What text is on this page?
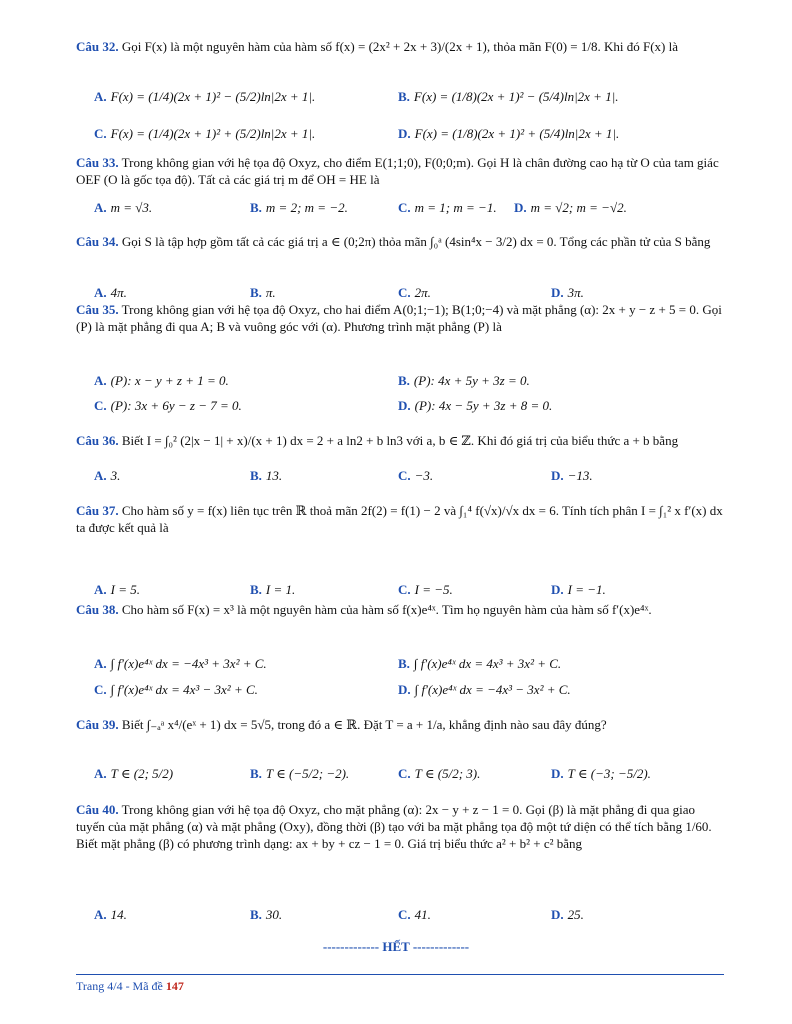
Câu 32. Gọi F(x) là một nguyên hàm của hàm số f(x) = (2x² + 2x + 3)/(2x + 1), thỏa mãn F(0) = 1/8. Khi đó F(x) là
A. F(x) = (1/4)(2x + 1)² − (5/2)ln|2x + 1|.	B. F(x) = (1/8)(2x + 1)² − (5/4)ln|2x + 1|.
C. F(x) = (1/4)(2x + 1)² + (5/2)ln|2x + 1|.	D. F(x) = (1/8)(2x + 1)² + (5/4)ln|2x + 1|.
Câu 33. Trong không gian với hệ tọa độ Oxyz, cho điểm E(1;1;0), F(0;0;m). Gọi H là chân đường cao hạ từ O của tam giác OEF (O là gốc tọa độ). Tất cả các giá trị m để OH = HE là
A. m = √3.	B. m = 2; m = −2.	C. m = 1; m = −1. D. m = √2; m = −√2.
Câu 34. Gọi S là tập hợp gồm tất cả các giá trị a ∈ (0;2π) thỏa mãn ∫₀ᵃ (4sin⁴x − 3/2) dx = 0. Tổng các phần tử của S bằng
A. 4π.	B. π.	C. 2π.	D. 3π.
Câu 35. Trong không gian với hệ tọa độ Oxyz, cho hai điểm A(0;1;−1); B(1;0;−4) và mặt phẳng (α): 2x + y − z + 5 = 0. Gọi (P) là mặt phẳng đi qua A; B và vuông góc với (α). Phương trình mặt phẳng (P) là
A. (P): x − y + z + 1 = 0.	B. (P): 4x + 5y + 3z = 0.
C. (P): 3x + 6y − z − 7 = 0.	D. (P): 4x − 5y + 3z + 8 = 0.
Câu 36. Biết I = ∫₀² (2|x − 1| + x)/(x + 1) dx = 2 + a ln2 + b ln3 với a, b ∈ ℤ. Khi đó giá trị của biểu thức a + b bằng
A. 3.	B. 13.	C. −3.	D. −13.
Câu 37. Cho hàm số y = f(x) liên tục trên ℝ thoả mãn 2f(2) = f(1) − 2 và ∫₁⁴ f(√x)/√x dx = 6. Tính tích phân I = ∫₁² x f′(x) dx ta được kết quả là
A. I = 5.	B. I = 1.	C. I = −5.	D. I = −1.
Câu 38. Cho hàm số F(x) = x³ là một nguyên hàm của hàm số f(x)e⁴ˣ. Tìm họ nguyên hàm của hàm số f′(x)e⁴ˣ.
A. ∫ f′(x)e⁴ˣ dx = −4x³ + 3x² + C.	B. ∫ f′(x)e⁴ˣ dx = 4x³ + 3x² + C.
C. ∫ f′(x)e⁴ˣ dx = 4x³ − 3x² + C.	D. ∫ f′(x)e⁴ˣ dx = −4x³ − 3x² + C.
Câu 39. Biết ∫₋ₐᵃ x⁴/(eˣ + 1) dx = 5√5, trong đó a ∈ ℝ. Đặt T = a + 1/a, khẳng định nào sau đây đúng?
A. T ∈ (2; 5/2)	B. T ∈ (−5/2; −2).	C. T ∈ (5/2; 3).	D. T ∈ (−3; −5/2).
Câu 40. Trong không gian với hệ tọa độ Oxyz, cho mặt phẳng (α): 2x − y + z − 1 = 0. Gọi (β) là mặt phẳng đi qua giao tuyến của mặt phẳng (α) và mặt phẳng (Oxy), đồng thời (β) tạo với ba mặt phẳng tọa độ một tứ diện có thể tích bằng 1/60. Biết mặt phẳng (β) có phương trình dạng: ax + by + cz − 1 = 0. Giá trị biểu thức a² + b² + c² bằng
A. 14.	B. 30.	C. 41.	D. 25.
------------- HẾT -------------
Trang 4/4 - Mã đề 147
